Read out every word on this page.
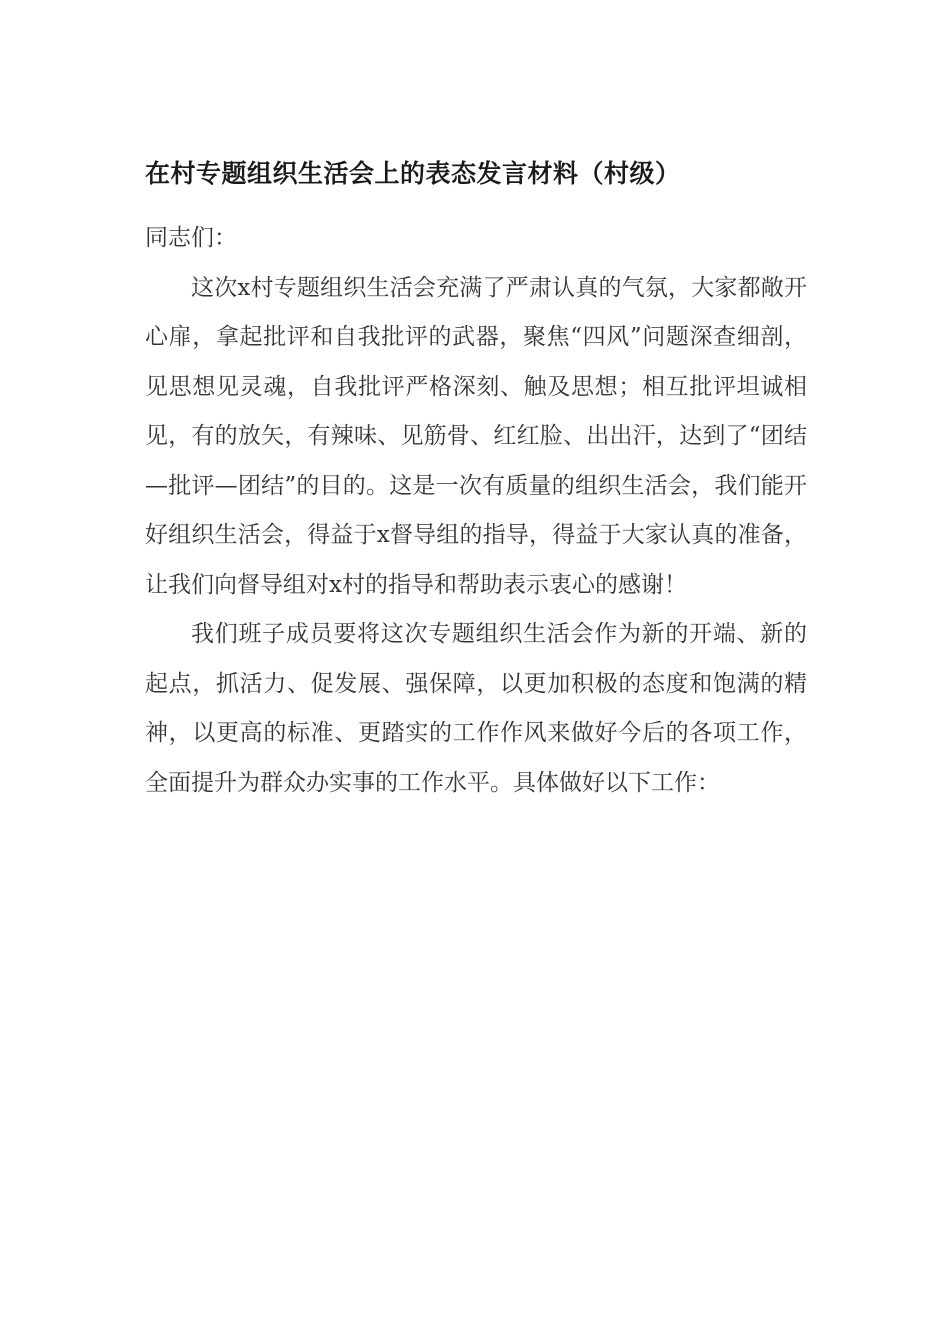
在村专题组织生活会上的表态发言材料（村级）

同志们：

这次x村专题组织生活会充满了严肃认真的气氛，大家都敞开心扉，拿起批评和自我批评的武器，聚焦“四风”问题深查细剖，见思想见灵魂，自我批评严格深刻、触及思想；相互批评坦诚相见，有的放矢，有辣味、见筋骨、红红脸、出出汗，达到了“团结—批评—团结”的目的。这是一次有质量的组织生活会，我们能开好组织生活会，得益于x督导组的指导，得益于大家认真的准备，让我们向督导组对x村的指导和帮助表示衷心的感谢！

我们班子成员要将这次专题组织生活会作为新的开端、新的起点，抓活力、促发展、强保障，以更加积极的态度和饱满的精神，以更高的标准、更踏实的工作作风来做好今后的各项工作，全面提升为群众办实事的工作水平。具体做好以下工作：
